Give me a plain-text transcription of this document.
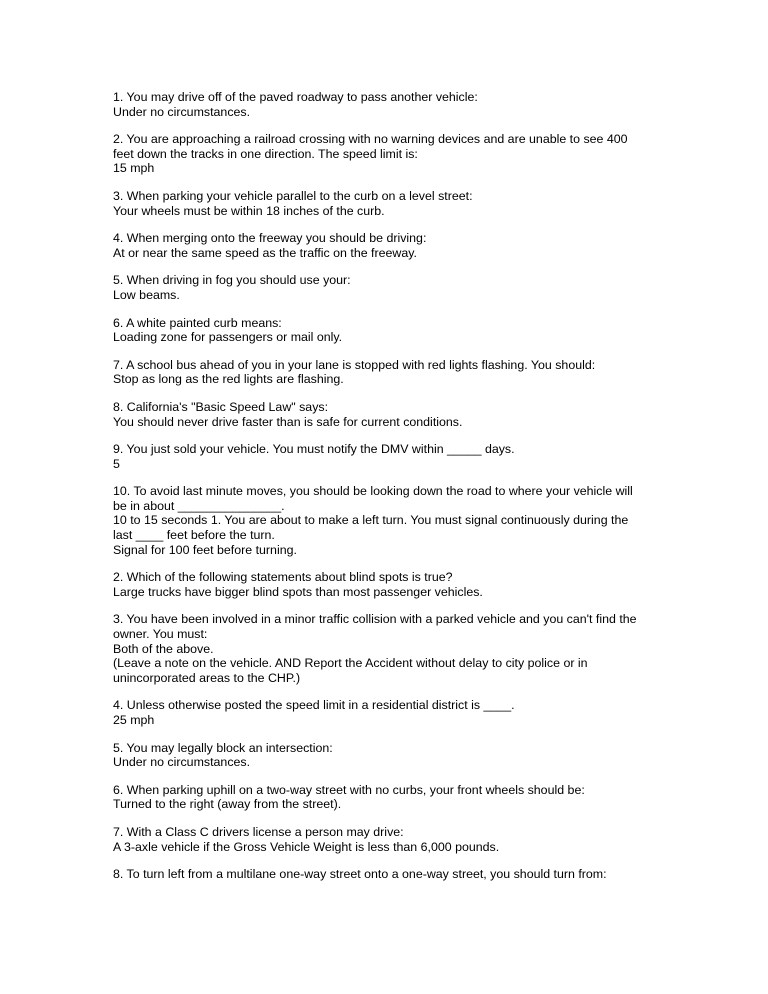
1. You may drive off of the paved roadway to pass another vehicle:
Under no circumstances.
2. You are approaching a railroad crossing with no warning devices and are unable to see 400
feet down the tracks in one direction. The speed limit is:
15 mph
3. When parking your vehicle parallel to the curb on a level street:
Your wheels must be within 18 inches of the curb.
4. When merging onto the freeway you should be driving:
At or near the same speed as the traffic on the freeway.
5. When driving in fog you should use your:
Low beams.
6. A white painted curb means:
Loading zone for passengers or mail only.
7. A school bus ahead of you in your lane is stopped with red lights flashing. You should:
Stop as long as the red lights are flashing.
8. California's "Basic Speed Law" says:
You should never drive faster than is safe for current conditions.
9. You just sold your vehicle. You must notify the DMV within _____ days.
5
10. To avoid last minute moves, you should be looking down the road to where your vehicle will
be in about _______________.
10 to 15 seconds 1. You are about to make a left turn. You must signal continuously during the
last ____ feet before the turn.
Signal for 100 feet before turning.
2. Which of the following statements about blind spots is true?
Large trucks have bigger blind spots than most passenger vehicles.
3. You have been involved in a minor traffic collision with a parked vehicle and you can't find the
owner. You must:
Both of the above.
(Leave a note on the vehicle. AND Report the Accident without delay to city police or in
unincorporated areas to the CHP.)
4. Unless otherwise posted the speed limit in a residential district is ____.
25 mph
5. You may legally block an intersection:
Under no circumstances.
6. When parking uphill on a two-way street with no curbs, your front wheels should be:
Turned to the right (away from the street).
7. With a Class C drivers license a person may drive:
A 3-axle vehicle if the Gross Vehicle Weight is less than 6,000 pounds.
8. To turn left from a multilane one-way street onto a one-way street, you should turn from:
